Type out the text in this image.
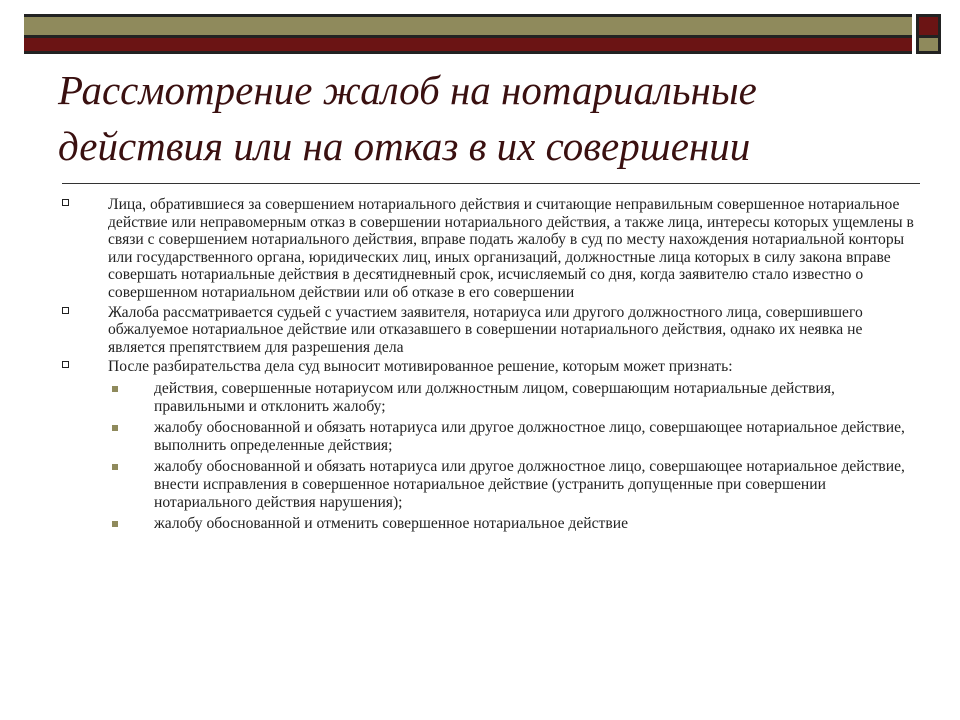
Рассмотрение жалоб на нотариальные
действия или на отказ в их совершении
Лица, обратившиеся за совершением нотариального действия и считающие неправильным совершенное нотариальное действие или неправомерным отказ в совершении нотариального действия, а также лица, интересы которых ущемлены в связи с совершением нотариального действия, вправе подать жалобу в суд по месту нахождения нотариальной конторы или государственного органа, юридических лиц, иных организаций, должностные лица которых в силу закона вправе совершать нотариальные действия в десятидневный срок, исчисляемый со дня, когда заявителю стало известно о совершенном нотариальном действии или об отказе в его совершении
Жалоба рассматривается судьей с участием заявителя, нотариуса или другого должностного лица, совершившего обжалуемое нотариальное действие или отказавшего в совершении нотариального действия, однако их неявка не является препятствием для разрешения дела
После разбирательства дела суд выносит мотивированное решение, которым может признать:
действия, совершенные нотариусом или должностным лицом, совершающим нотариальные действия, правильными и отклонить жалобу;
жалобу обоснованной и обязать нотариуса или другое должностное лицо, совершающее нотариальное действие, выполнить определенные действия;
жалобу обоснованной и обязать нотариуса или другое должностное лицо, совершающее нотариальное действие, внести исправления в совершенное нотариальное действие (устранить допущенные при совершении нотариального действия нарушения);
жалобу обоснованной и отменить совершенное нотариальное действие
